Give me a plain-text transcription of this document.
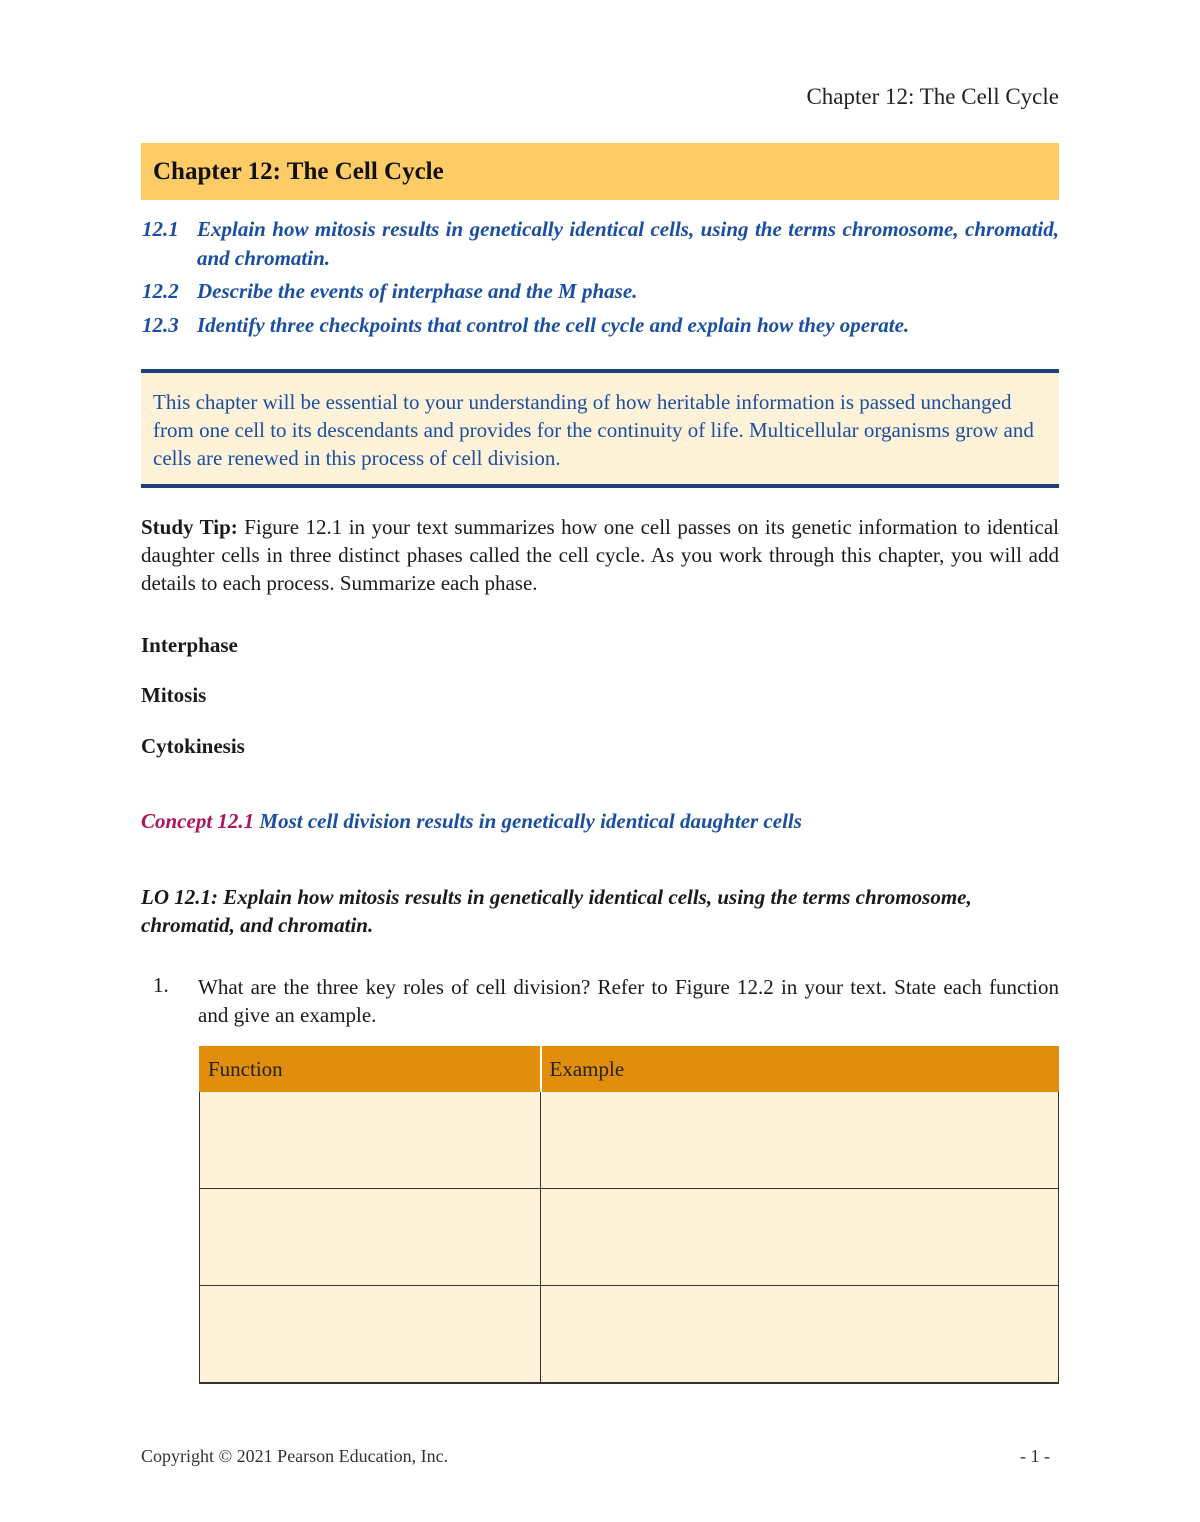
Chapter 12: The Cell Cycle
Chapter 12: The Cell Cycle
12.1 Explain how mitosis results in genetically identical cells, using the terms chromosome, chromatid, and chromatin.
12.2 Describe the events of interphase and the M phase.
12.3 Identify three checkpoints that control the cell cycle and explain how they operate.

This chapter will be essential to your understanding of how heritable information is passed unchanged from one cell to its descendants and provides for the continuity of life. Multicellular organisms grow and cells are renewed in this process of cell division.

Study Tip: Figure 12.1 in your text summarizes how one cell passes on its genetic information to identical daughter cells in three distinct phases called the cell cycle. As you work through this chapter, you will add details to each process. Summarize each phase.
Interphase
Mitosis
Cytokinesis
Concept 12.1 Most cell division results in genetically identical daughter cells
LO 12.1: Explain how mitosis results in genetically identical cells, using the terms chromosome, chromatid, and chromatin.
1. What are the three key roles of cell division? Refer to Figure 12.2 in your text. State each function and give an example.
Function	Example

Copyright © 2021 Pearson Education, Inc.	- 1 -
